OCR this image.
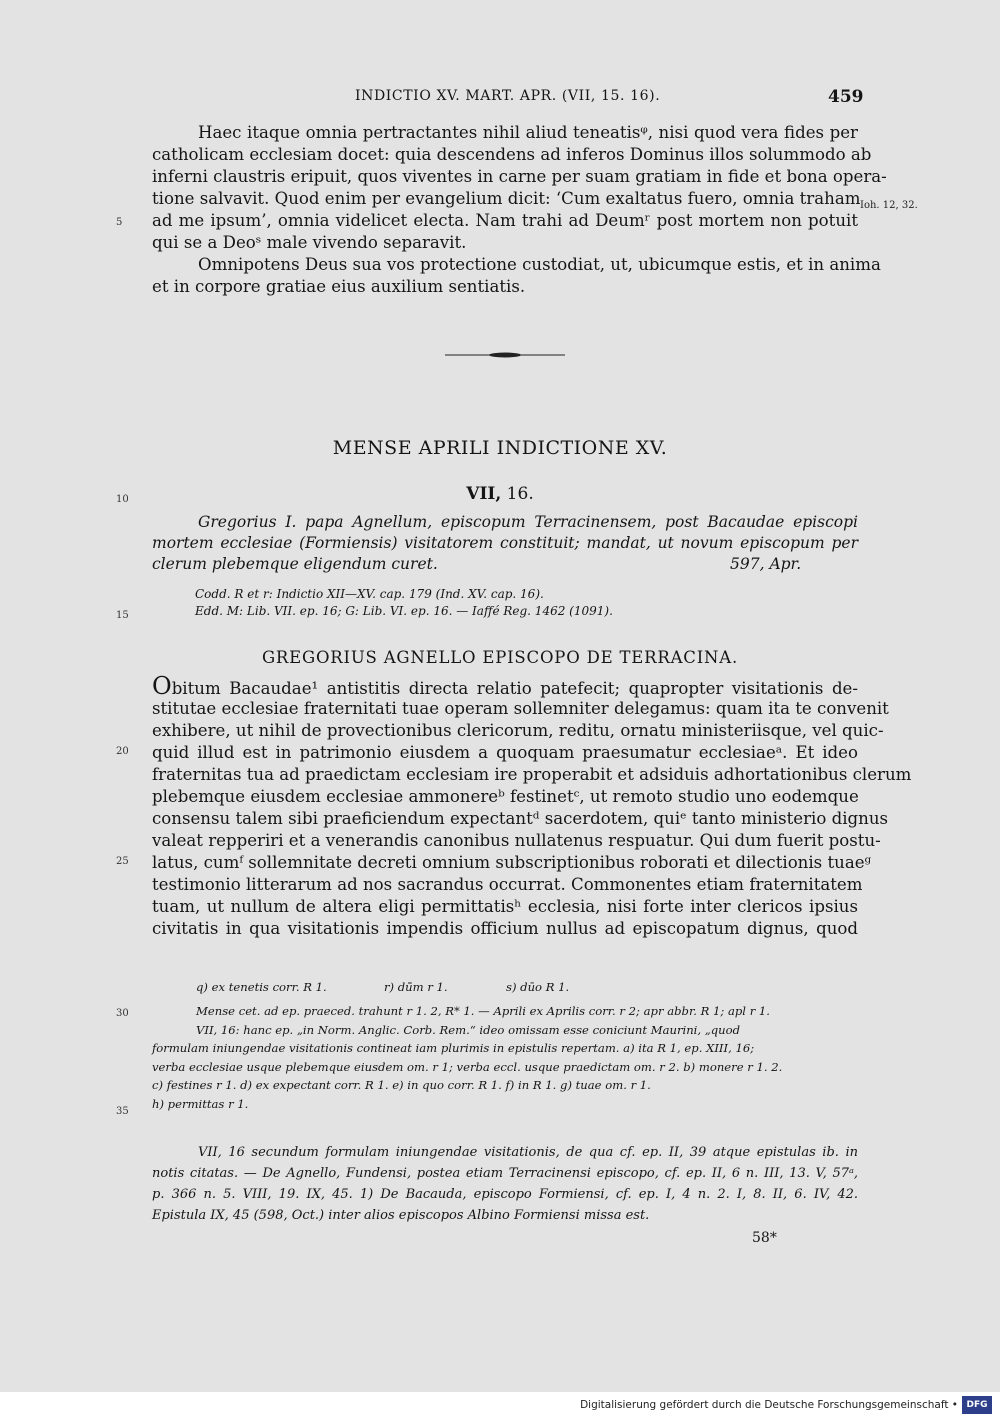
INDICTIO XV. MART. APR. (VII, 15. 16).	459
Haec itaque omnia pertractantes nihil aliud teneatisᵠ, nisi quod vera fides per
catholicam ecclesiam docet: quia descendens ad inferos Dominus illos solummodo ab
inferni claustris eripuit, quos viventes in carne per suam gratiam in fide et bona opera-
tione salvavit. Quod enim per evangelium dicit: ‘Cum exaltatus fuero, omnia traham
ad me ipsum’, omnia videlicet electa. Nam trahi ad Deumʳ post mortem non potuit
qui se a Deoˢ male vivendo separavit.
Omnipotens Deus sua vos protectione custodiat, ut, ubicumque estis, et in anima
et in corpore gratiae eius auxilium sentiatis.
Ioh. 12, 32.
5
MENSE APRILI INDICTIONE XV.
10	VII, 16.
Gregorius I. papa Agnellum, episcopum Terracinensem, post Bacaudae episcopi
mortem ecclesiae (Formiensis) visitatorem constituit; mandat, ut novum episcopum per
clerum plebemque eligendum curet.	597, Apr.
Codd. R et r: Indictio XII—XV. cap. 179 (Ind. XV. cap. 16).
Edd. M: Lib. VII. ep. 16; G: Lib. VI. ep. 16. — Iaffé Reg. 1462 (1091).
15
GREGORIUS AGNELLO EPISCOPO DE TERRACINA.
Obitum Bacaudae¹ antistitis directa relatio patefecit; quapropter visitationis de-
stitutae ecclesiae fraternitati tuae operam sollemniter delegamus: quam ita te convenit
exhibere, ut nihil de provectionibus clericorum, reditu, ornatu ministeriisque, vel quic-
quid illud est in patrimonio eiusdem a quoquam praesumatur ecclesiaeᵃ. Et ideo
fraternitas tua ad praedictam ecclesiam ire properabit et adsiduis adhortationibus clerum
plebemque eiusdem ecclesiae ammonereᵇ festinetᶜ, ut remoto studio uno eodemque
consensu talem sibi praeficiendum expectantᵈ sacerdotem, quiᵉ tanto ministerio dignus
valeat repperiri et a venerandis canonibus nullatenus respuatur. Qui dum fuerit postu-
latus, cumᶠ sollemnitate decreti omnium subscriptionibus roborati et dilectionis tuaeᵍ
testimonio litterarum ad nos sacrandus occurrat. Commonentes etiam fraternitatem
tuam, ut nullum de altera eligi permittatisʰ ecclesia, nisi forte inter clericos ipsius
civitatis in qua visitationis impendis officium nullus ad episcopatum dignus, quod
20
25
q) ex tenetis corr. R 1.	r) dū̄m r 1.	s) dūo R 1.
30	Mense cet. ad ep. praeced. trahunt r 1. 2, R* 1. — Aprili ex Aprilis corr. r 2; apr abbr. R 1; apl r 1.
VII, 16: hanc ep. „in Norm. Anglic. Corb. Rem.“ ideo omissam esse coniciunt Maurini, „quod
formulam iniungendae visitationis contineat iam plurimis in epistulis repertam. a) ita R 1, ep. XIII, 16;
verba ecclesiae usque plebemque eiusdem om. r 1; verba eccl. usque praedictam om. r 2. b) monere r 1. 2.
c) festines r 1. d) ex expectant corr. R 1. e) in quo corr. R 1. f) in R 1. g) tuae om. r 1.
h) permittas r 1.
35
VII, 16 secundum formulam iniungendae visitationis, de qua cf. ep. II, 39 atque epistulas ib. in
notis citatas. — De Agnello, Fundensi, postea etiam Terracinensi episcopo, cf. ep. II, 6 n. III, 13. V, 57ᵃ,
p. 366 n. 5. VIII, 19. IX, 45. 1) De Bacauda, episcopo Formiensi, cf. ep. I, 4 n. 2. I, 8. II, 6. IV, 42.
Epistula IX, 45 (598, Oct.) inter alios episcopos Albino Formiensi missa est.
58*
Digitalisierung gefördert durch die Deutsche Forschungsgemeinschaft • DFG
